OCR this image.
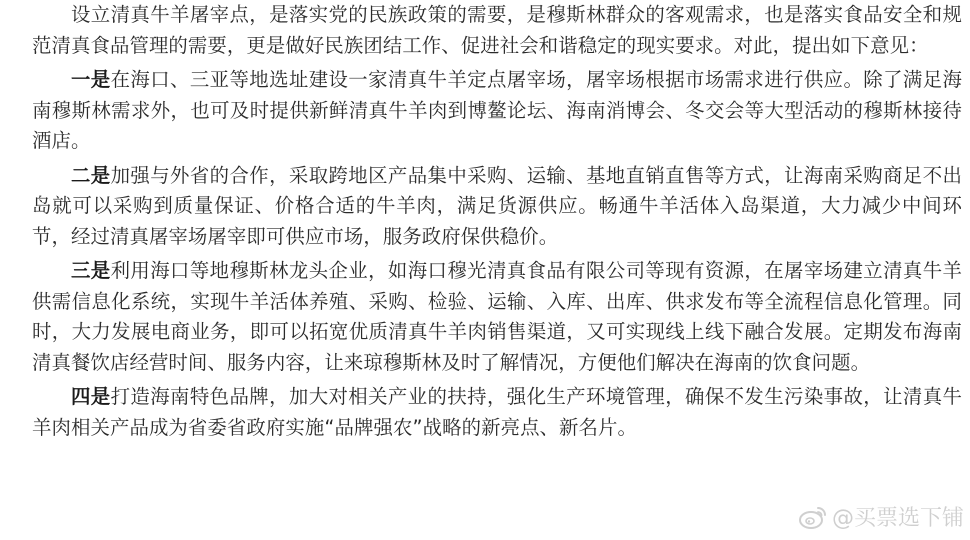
设立清真牛羊屠宰点，是落实党的民族政策的需要，是穆斯林群众的客观需求，也是落实食品安全和规范清真食品管理的需要，更是做好民族团结工作、促进社会和谐稳定的现实要求。对此，提出如下意见：

一是在海口、三亚等地选址建设一家清真牛羊定点屠宰场，屠宰场根据市场需求进行供应。除了满足海南穆斯林需求外，也可及时提供新鲜清真牛羊肉到博鳌论坛、海南消博会、冬交会等大型活动的穆斯林接待酒店。

二是加强与外省的合作，采取跨地区产品集中采购、运输、基地直销直售等方式，让海南采购商足不出岛就可以采购到质量保证、价格合适的牛羊肉，满足货源供应。畅通牛羊活体入岛渠道，大力减少中间环节，经过清真屠宰场屠宰即可供应市场，服务政府保供稳价。

三是利用海口等地穆斯林龙头企业，如海口穆光清真食品有限公司等现有资源，在屠宰场建立清真牛羊供需信息化系统，实现牛羊活体养殖、采购、检验、运输、入库、出库、供求发布等全流程信息化管理。同时，大力发展电商业务，即可以拓宽优质清真牛羊肉销售渠道，又可实现线上线下融合发展。定期发布海南清真餐饮店经营时间、服务内容，让来琼穆斯林及时了解情况，方便他们解决在海南的饮食问题。

四是打造海南特色品牌，加大对相关产业的扶持，强化生产环境管理，确保不发生污染事故，让清真牛羊肉相关产品成为省委省政府实施“品牌强农”战略的新亮点、新名片。

@买票选下铺
